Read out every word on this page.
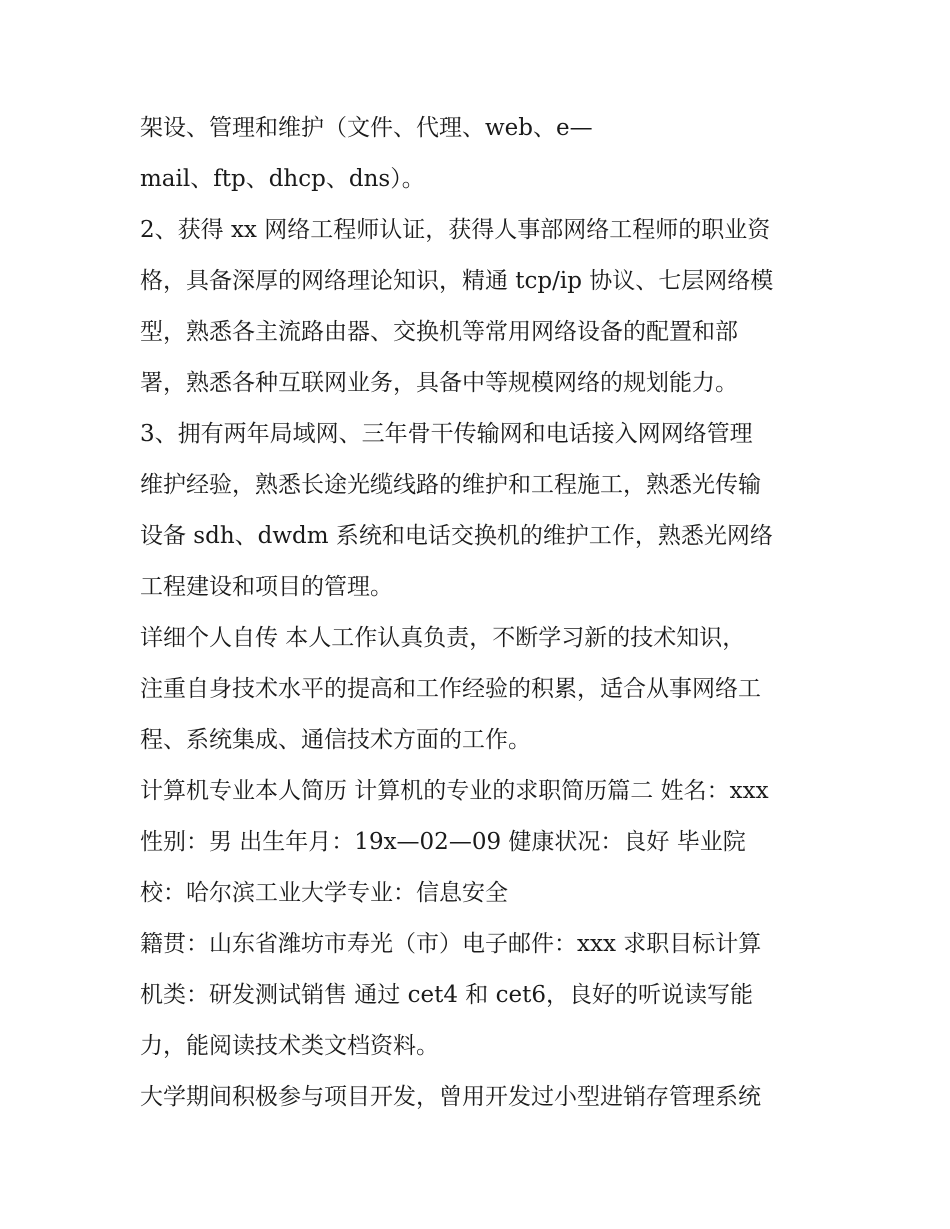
架设、管理和维护（文件、代理、web、e—
mail、ftp、dhcp、dns）。
2、获得 xx 网络工程师认证，获得人事部网络工程师的职业资
格，具备深厚的网络理论知识，精通 tcp/ip 协议、七层网络模
型，熟悉各主流路由器、交换机等常用网络设备的配置和部
署，熟悉各种互联网业务，具备中等规模网络的规划能力。
3、拥有两年局域网、三年骨干传输网和电话接入网网络管理
维护经验，熟悉长途光缆线路的维护和工程施工，熟悉光传输
设备 sdh、dwdm 系统和电话交换机的维护工作，熟悉光网络
工程建设和项目的管理。
详细个人自传 本人工作认真负责，不断学习新的技术知识，
注重自身技术水平的提高和工作经验的积累，适合从事网络工
程、系统集成、通信技术方面的工作。
计算机专业本人简历 计算机的专业的求职简历篇二 姓名：xxx
性别：男 出生年月：19x—02—09 健康状况：良好 毕业院
校：哈尔滨工业大学专业：信息安全
籍贯：山东省潍坊市寿光（市）电子邮件：xxx 求职目标计算
机类：研发测试销售 通过 cet4 和 cet6，良好的听说读写能
力，能阅读技术类文档资料。
大学期间积极参与项目开发，曾用开发过小型进销存管理系统
